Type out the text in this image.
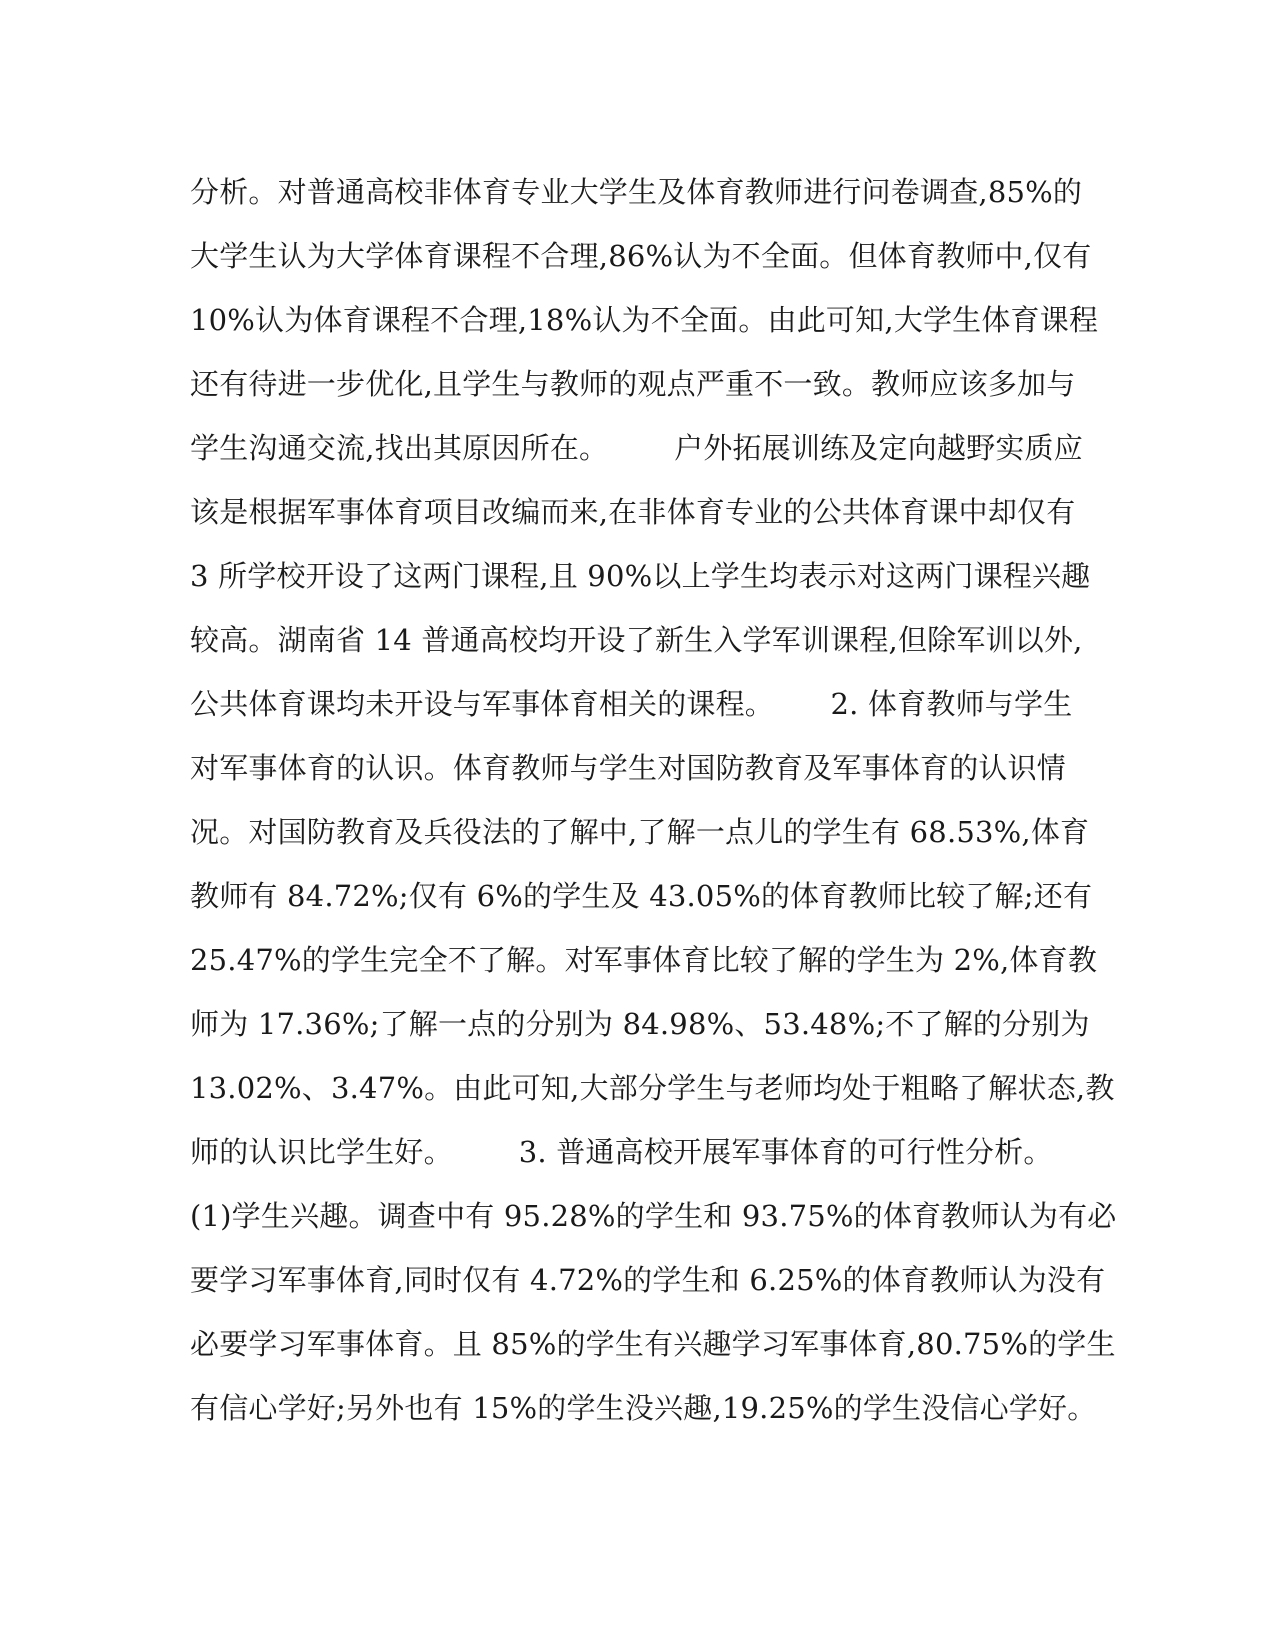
分析。对普通高校非体育专业大学生及体育教师进行问卷调查,85%的
大学生认为大学体育课程不合理,86%认为不全面。但体育教师中,仅有
10%认为体育课程不合理,18%认为不全面。由此可知,大学生体育课程
还有待进一步优化,且学生与教师的观点严重不一致。教师应该多加与
学生沟通交流,找出其原因所在。       户外拓展训练及定向越野实质应
该是根据军事体育项目改编而来,在非体育专业的公共体育课中却仅有
3 所学校开设了这两门课程,且 90%以上学生均表示对这两门课程兴趣
较高。湖南省 14 普通高校均开设了新生入学军训课程,但除军训以外,
公共体育课均未开设与军事体育相关的课程。      2. 体育教师与学生
对军事体育的认识。体育教师与学生对国防教育及军事体育的认识情
况。对国防教育及兵役法的了解中,了解一点儿的学生有 68.53%,体育
教师有 84.72%;仅有 6%的学生及 43.05%的体育教师比较了解;还有
25.47%的学生完全不了解。对军事体育比较了解的学生为 2%,体育教
师为 17.36%;了解一点的分别为 84.98%、53.48%;不了解的分别为
13.02%、3.47%。由此可知,大部分学生与老师均处于粗略了解状态,教
师的认识比学生好。       3. 普通高校开展军事体育的可行性分析。
(1)学生兴趣。调查中有 95.28%的学生和 93.75%的体育教师认为有必
要学习军事体育,同时仅有 4.72%的学生和 6.25%的体育教师认为没有
必要学习军事体育。且 85%的学生有兴趣学习军事体育,80.75%的学生
有信心学好;另外也有 15%的学生没兴趣,19.25%的学生没信心学好。
